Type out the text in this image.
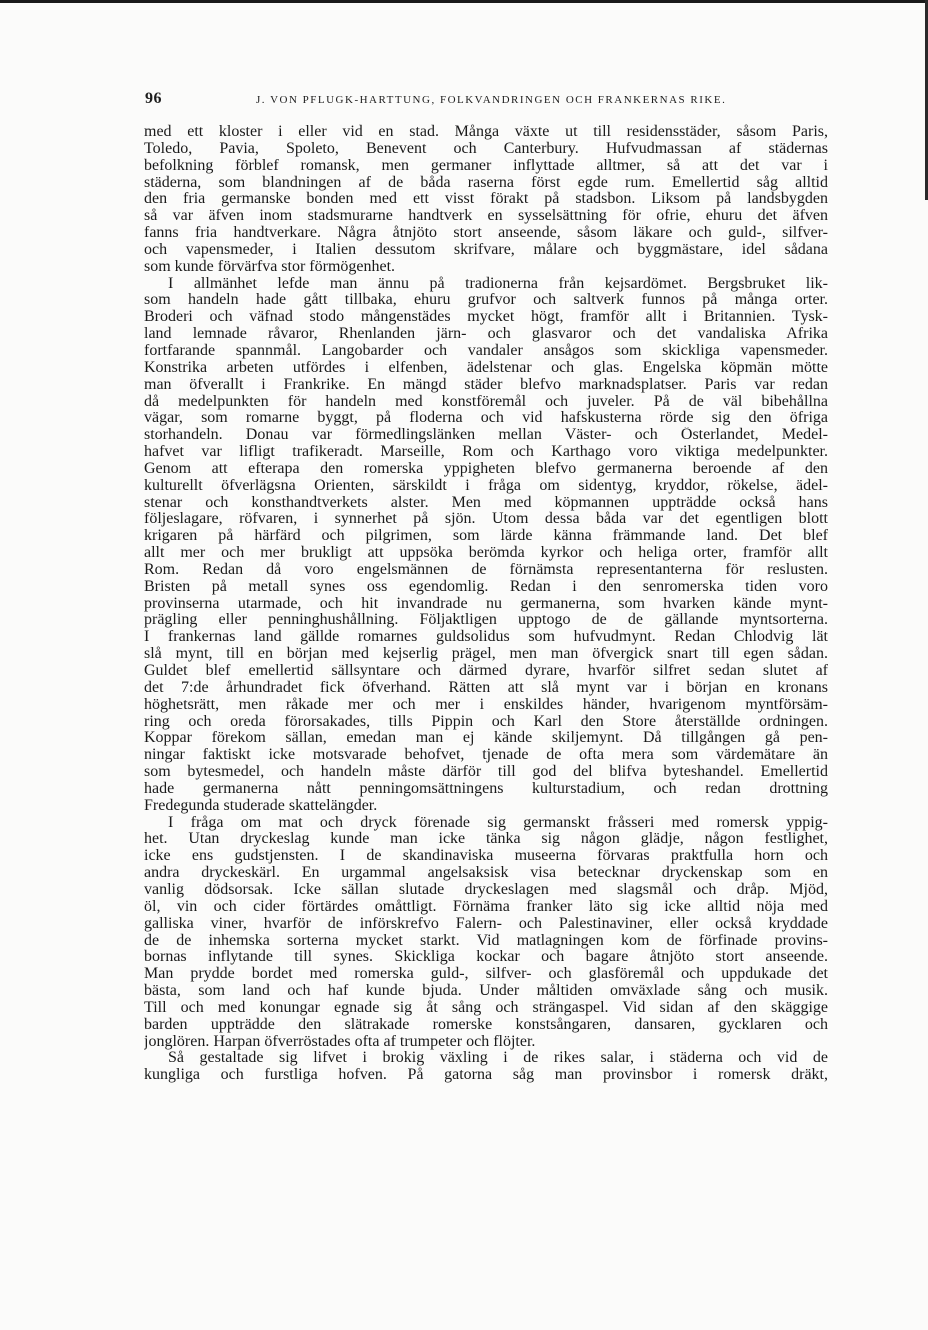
96	J. VON PFLUGK-HARTTUNG, FOLKVANDRINGEN OCH FRANKERNAS RIKE.
med ett kloster i eller vid en stad. Många växte ut till residensstäder, såsom Paris,
Toledo, Pavia, Spoleto, Benevent och Canterbury. Hufvudmassan af städernas
befolkning förblef romansk, men germaner inflyttade alltmer, så att det var i
städerna, som blandningen af de båda raserna först egde rum. Emellertid såg alltid
den fria germanske bonden med ett visst förakt på stadsbon. Liksom på landsbygden
så var äfven inom stadsmurarne handtverk en sysselsättning för ofrie, ehuru det äfven
fanns fria handtverkare. Några åtnjöto stort anseende, såsom läkare och guld-, silfver-
och vapensmeder, i Italien dessutom skrifvare, målare och byggmästare, idel sådana
som kunde förvärfva stor förmögenhet.
I allmänhet lefde man ännu på tradionerna från kejsardömet. Bergsbruket lik-
som handeln hade gått tillbaka, ehuru grufvor och saltverk funnos på många orter.
Broderi och väfnad stodo mångenstädes mycket högt, framför allt i Britannien. Tysk-
land lemnade råvaror, Rhenlanden järn- och glasvaror och det vandaliska Afrika
fortfarande spannmål. Langobarder och vandaler ansågos som skickliga vapensmeder.
Konstrika arbeten utfördes i elfenben, ädelstenar och glas. Engelska köpmän mötte
man öfverallt i Frankrike. En mängd städer blefvo marknadsplatser. Paris var redan
då medelpunkten för handeln med konstföremål och juveler. På de väl bibehållna
vägar, som romarne byggt, på floderna och vid hafskusterna rörde sig den öfriga
storhandeln. Donau var förmedlingslänken mellan Väster- och Österlandet, Medel-
hafvet var lifligt trafikeradt. Marseille, Rom och Karthago voro viktiga medelpunkter.
Genom att efterapa den romerska yppigheten blefvo germanerna beroende af den
kulturellt öfverlägsna Orienten, särskildt i fråga om sidentyg, kryddor, rökelse, ädel-
stenar och konsthandtverkets alster. Men med köpmannen uppträdde också hans
följeslagare, röfvaren, i synnerhet på sjön. Utom dessa båda var det egentligen blott
krigaren på härfärd och pilgrimen, som lärde känna främmande land. Det blef
allt mer och mer brukligt att uppsöka berömda kyrkor och heliga orter, framför allt
Rom. Redan då voro engelsmännen de förnämsta representanterna för reslusten.
Bristen på metall synes oss egendomlig. Redan i den senromerska tiden voro
provinserna utarmade, och hit invandrade nu germanerna, som hvarken kände mynt-
prägling eller penninghushållning. Följaktligen upptogo de de gällande myntsorterna.
I frankernas land gällde romarnes guldsolidus som hufvudmynt. Redan Chlodvig lät
slå mynt, till en början med kejserlig prägel, men man öfvergick snart till egen sådan.
Guldet blef emellertid sällsyntare och därmed dyrare, hvarför silfret sedan slutet af
det 7:de århundradet fick öfverhand. Rätten att slå mynt var i början en kronans
höghetsrätt, men råkade mer och mer i enskildes händer, hvarigenom myntförsäm-
ring och oreda förorsakades, tills Pippin och Karl den Store återställde ordningen.
Koppar förekom sällan, emedan man ej kände skiljemynt. Då tillgången gå pen-
ningar faktiskt icke motsvarade behofvet, tjenade de ofta mera som värdemätare än
som bytesmedel, och handeln måste därför till god del blifva byteshandel. Emellertid
hade germanerna nått penningomsättningens kulturstadium, och redan drottning
Fredegunda studerade skattelängder.
I fråga om mat och dryck förenade sig germanskt fråsseri med romersk yppig-
het. Utan dryckeslag kunde man icke tänka sig någon glädje, någon festlighet,
icke ens gudstjensten. I de skandinaviska museerna förvaras praktfulla horn och
andra dryckeskärl. En urgammal angelsaksisk visa betecknar dryckenskap som en
vanlig dödsorsak. Icke sällan slutade dryckeslagen med slagsmål och dråp. Mjöd,
öl, vin och cider förtärdes omåttligt. Förnäma franker läto sig icke alltid nöja med
galliska viner, hvarför de införskrefvo Falern- och Palestinaviner, eller också kryddade
de de inhemska sorterna mycket starkt. Vid matlagningen kom de förfinade provins-
bornas inflytande till synes. Skickliga kockar och bagare åtnjöto stort anseende.
Man prydde bordet med romerska guld-, silfver- och glasföremål och uppdukade det
bästa, som land och haf kunde bjuda. Under måltiden omväxlade sång och musik.
Till och med konungar egnade sig åt sång och strängaspel. Vid sidan af den skäggige
barden uppträdde den slätrakade romerske konstsångaren, dansaren, gycklaren och
jonglören. Harpan öfverröstades ofta af trumpeter och flöjter.
Så gestaltade sig lifvet i brokig växling i de rikes salar, i städerna och vid de
kungliga och furstliga hofven. På gatorna såg man provinsbor i romersk dräkt,
